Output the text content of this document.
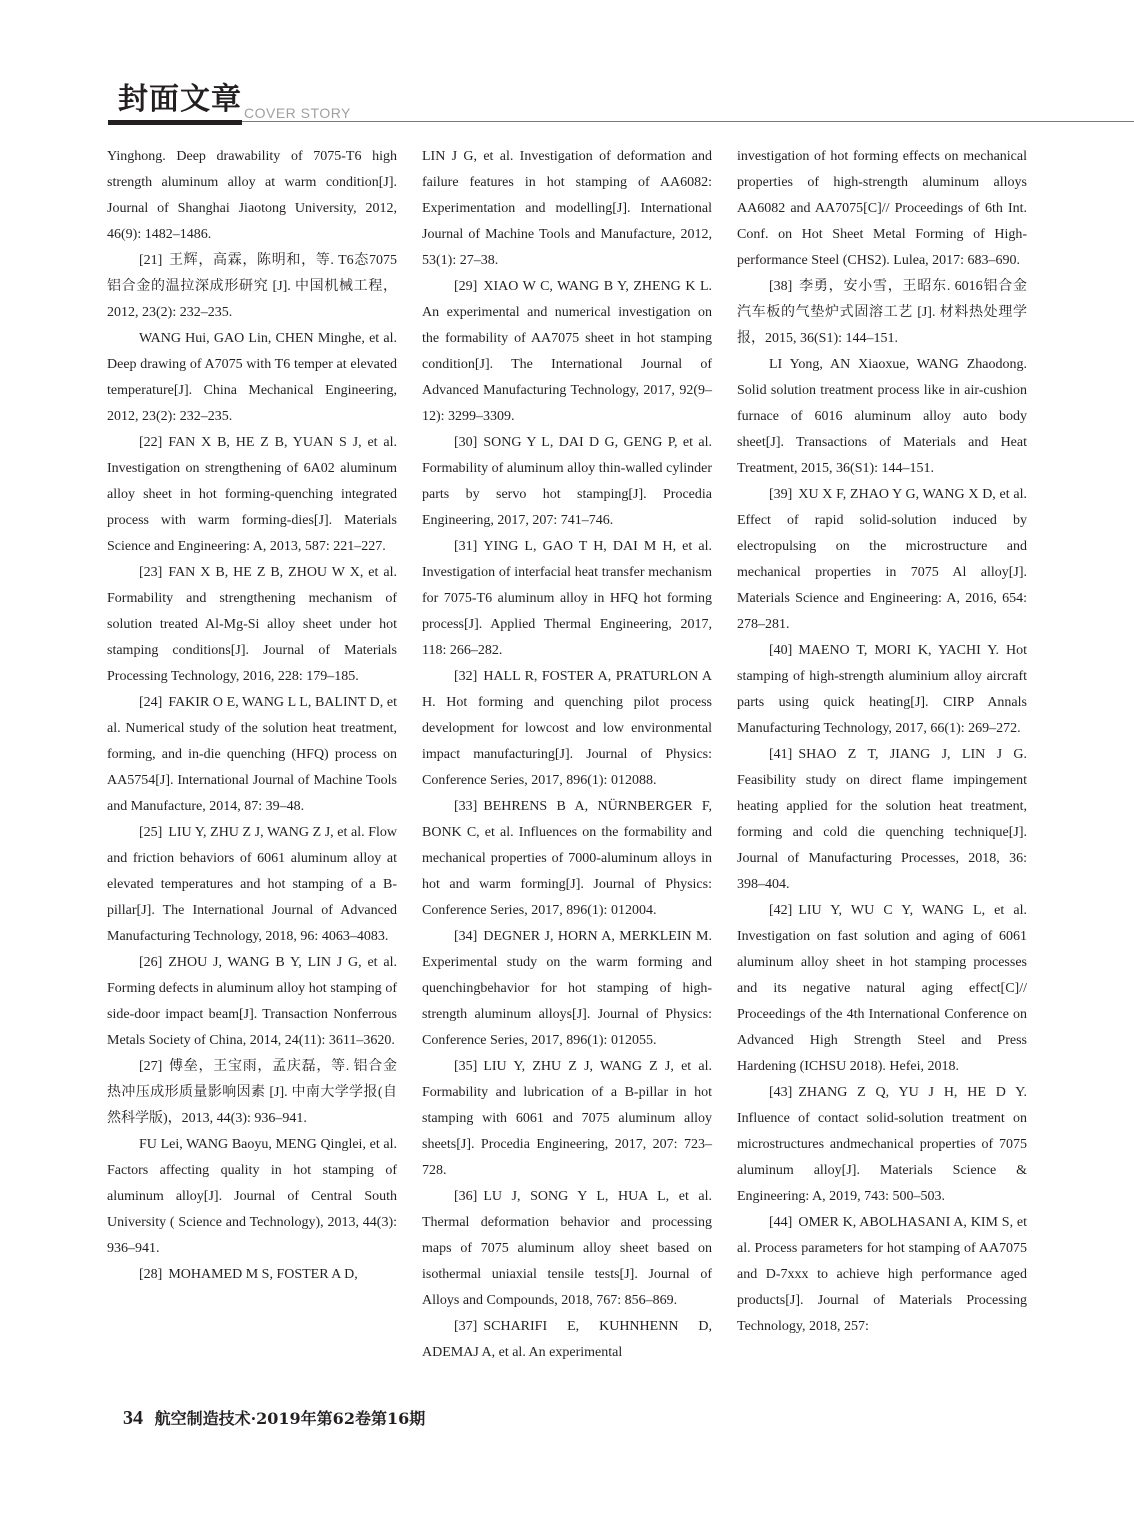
封面文章 COVER STORY

Yinghong. Deep drawability of 7075-T6 high strength aluminum alloy at warm condition[J]. Journal of Shanghai Jiaotong University, 2012, 46(9): 1482–1486.

[21] 王辉，高霖，陈明和，等. T6态7075铝合金的温拉深成形研究 [J]. 中国机械工程，2012, 23(2): 232–235.

WANG Hui, GAO Lin, CHEN Minghe, et al. Deep drawing of A7075 with T6 temper at elevated temperature[J]. China Mechanical Engineering, 2012, 23(2): 232–235.

[22] FAN X B, HE Z B, YUAN S J, et al. Investigation on strengthening of 6A02 aluminum alloy sheet in hot forming-quenching integrated process with warm forming-dies[J]. Materials Science and Engineering: A, 2013, 587: 221–227.

[23] FAN X B, HE Z B, ZHOU W X, et al. Formability and strengthening mechanism of solution treated Al-Mg-Si alloy sheet under hot stamping conditions[J]. Journal of Materials Processing Technology, 2016, 228: 179–185.

[24] FAKIR O E, WANG L L, BALINT D, et al. Numerical study of the solution heat treatment, forming, and in-die quenching (HFQ) process on AA5754[J]. International Journal of Machine Tools and Manufacture, 2014, 87: 39–48.

[25] LIU Y, ZHU Z J, WANG Z J, et al. Flow and friction behaviors of 6061 aluminum alloy at elevated temperatures and hot stamping of a B-pillar[J]. The International Journal of Advanced Manufacturing Technology, 2018, 96: 4063–4083.

[26] ZHOU J, WANG B Y, LIN J G, et al. Forming defects in aluminum alloy hot stamping of side-door impact beam[J]. Transaction Nonferrous Metals Society of China, 2014, 24(11): 3611–3620.

[27] 傅垒，王宝雨，孟庆磊，等. 铝合金热冲压成形质量影响因素 [J]. 中南大学学报(自然科学版)，2013, 44(3): 936–941.

FU Lei, WANG Baoyu, MENG Qinglei, et al. Factors affecting quality in hot stamping of aluminum alloy[J]. Journal of Central South University ( Science and Technology), 2013, 44(3): 936–941.

[28] MOHAMED M S, FOSTER A D,

LIN J G, et al. Investigation of deformation and failure features in hot stamping of AA6082: Experimentation and modelling[J]. International Journal of Machine Tools and Manufacture, 2012, 53(1): 27–38.

[29] XIAO W C, WANG B Y, ZHENG K L. An experimental and numerical investigation on the formability of AA7075 sheet in hot stamping condition[J]. The International Journal of Advanced Manufacturing Technology, 2017, 92(9–12): 3299–3309.

[30] SONG Y L, DAI D G, GENG P, et al. Formability of aluminum alloy thin-walled cylinder parts by servo hot stamping[J]. Procedia Engineering, 2017, 207: 741–746.

[31] YING L, GAO T H, DAI M H, et al. Investigation of interfacial heat transfer mechanism for 7075-T6 aluminum alloy in HFQ hot forming process[J]. Applied Thermal Engineering, 2017, 118: 266–282.

[32] HALL R, FOSTER A, PRATURLON A H. Hot forming and quenching pilot process development for lowcost and low environmental impact manufacturing[J]. Journal of Physics: Conference Series, 2017, 896(1): 012088.

[33] BEHRENS B A, NÜRNBERGER F, BONK C, et al. Influences on the formability and mechanical properties of 7000-aluminum alloys in hot and warm forming[J]. Journal of Physics: Conference Series, 2017, 896(1): 012004.

[34] DEGNER J, HORN A, MERKLEIN M. Experimental study on the warm forming and quenchingbehavior for hot stamping of high-strength aluminum alloys[J]. Journal of Physics: Conference Series, 2017, 896(1): 012055.

[35] LIU Y, ZHU Z J, WANG Z J, et al. Formability and lubrication of a B-pillar in hot stamping with 6061 and 7075 aluminum alloy sheets[J]. Procedia Engineering, 2017, 207: 723–728.

[36] LU J, SONG Y L, HUA L, et al. Thermal deformation behavior and processing maps of 7075 aluminum alloy sheet based on isothermal uniaxial tensile tests[J]. Journal of Alloys and Compounds, 2018, 767: 856–869.

[37] SCHARIFI E, KUHNHENN D, ADEMAJ A, et al. An experimental

investigation of hot forming effects on mechanical properties of high-strength aluminum alloys AA6082 and AA7075[C]// Proceedings of 6th Int. Conf. on Hot Sheet Metal Forming of High-performance Steel (CHS2). Lulea, 2017: 683–690.

[38] 李勇，安小雪，王昭东. 6016铝合金汽车板的气垫炉式固溶工艺 [J]. 材料热处理学报，2015, 36(S1): 144–151.

LI Yong, AN Xiaoxue, WANG Zhaodong. Solid solution treatment process like in air-cushion furnace of 6016 aluminum alloy auto body sheet[J]. Transactions of Materials and Heat Treatment, 2015, 36(S1): 144–151.

[39] XU X F, ZHAO Y G, WANG X D, et al. Effect of rapid solid-solution induced by electropulsing on the microstructure and mechanical properties in 7075 Al alloy[J]. Materials Science and Engineering: A, 2016, 654: 278–281.

[40] MAENO T, MORI K, YACHI Y. Hot stamping of high-strength aluminium alloy aircraft parts using quick heating[J]. CIRP Annals Manufacturing Technology, 2017, 66(1): 269–272.

[41] SHAO Z T, JIANG J, LIN J G. Feasibility study on direct flame impingement heating applied for the solution heat treatment, forming and cold die quenching technique[J]. Journal of Manufacturing Processes, 2018, 36: 398–404.

[42] LIU Y, WU C Y, WANG L, et al. Investigation on fast solution and aging of 6061 aluminum alloy sheet in hot stamping processes and its negative natural aging effect[C]// Proceedings of the 4th International Conference on Advanced High Strength Steel and Press Hardening (ICHSU 2018). Hefei, 2018.

[43] ZHANG Z Q, YU J H, HE D Y. Influence of contact solid-solution treatment on microstructures andmechanical properties of 7075 aluminum alloy[J]. Materials Science & Engineering: A, 2019, 743: 500–503.

[44] OMER K, ABOLHASANI A, KIM S, et al. Process parameters for hot stamping of AA7075 and D-7xxx to achieve high performance aged products[J]. Journal of Materials Processing Technology, 2018, 257:

34 航空制造技术·2019年第62卷第16期
